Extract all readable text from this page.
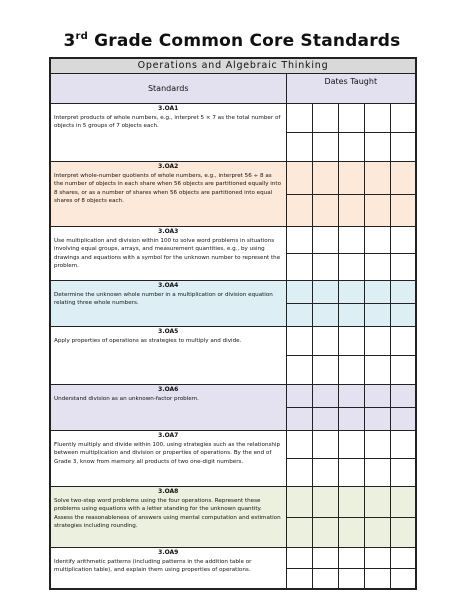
3rd Grade Common Core Standards
Operations and Algebraic Thinking					
Standards	Dates Taught				

3.OA1
Interpret products of whole numbers, e.g., interpret 5 × 7 as the total number of objects in 5 groups of 7 objects each.					

3.OA2
Interpret whole-number quotients of whole numbers, e.g., interpret 56 ÷ 8 as the number of objects in each share when 56 objects are partitioned equally into 8 shares, or as a number of shares when 56 objects are partitioned into equal shares of 8 objects each.					

3.OA3
Use multiplication and division within 100 to solve word problems in situations involving equal groups, arrays, and measurement quantities, e.g., by using drawings and equations with a symbol for the unknown number to represent the problem.					

3.OA4
Determine the unknown whole number in a multiplication or division equation relating three whole numbers.					

3.OA5
Apply properties of operations as strategies to multiply and divide.					

3.OA6
Understand division as an unknown-factor problem.					

3.OA7
Fluently multiply and divide within 100, using strategies such as the relationship between multiplication and division or properties of operations. By the end of Grade 3, know from memory all products of two one-digit numbers.					

3.OA8
Solve two-step word problems using the four operations. Represent these problems using equations with a letter standing for the unknown quantity. Assess the reasonableness of answers using mental computation and estimation strategies including rounding.					

3.OA9
Identify arithmetic patterns (including patterns in the addition table or multiplication table), and explain them using properties of operations.					
